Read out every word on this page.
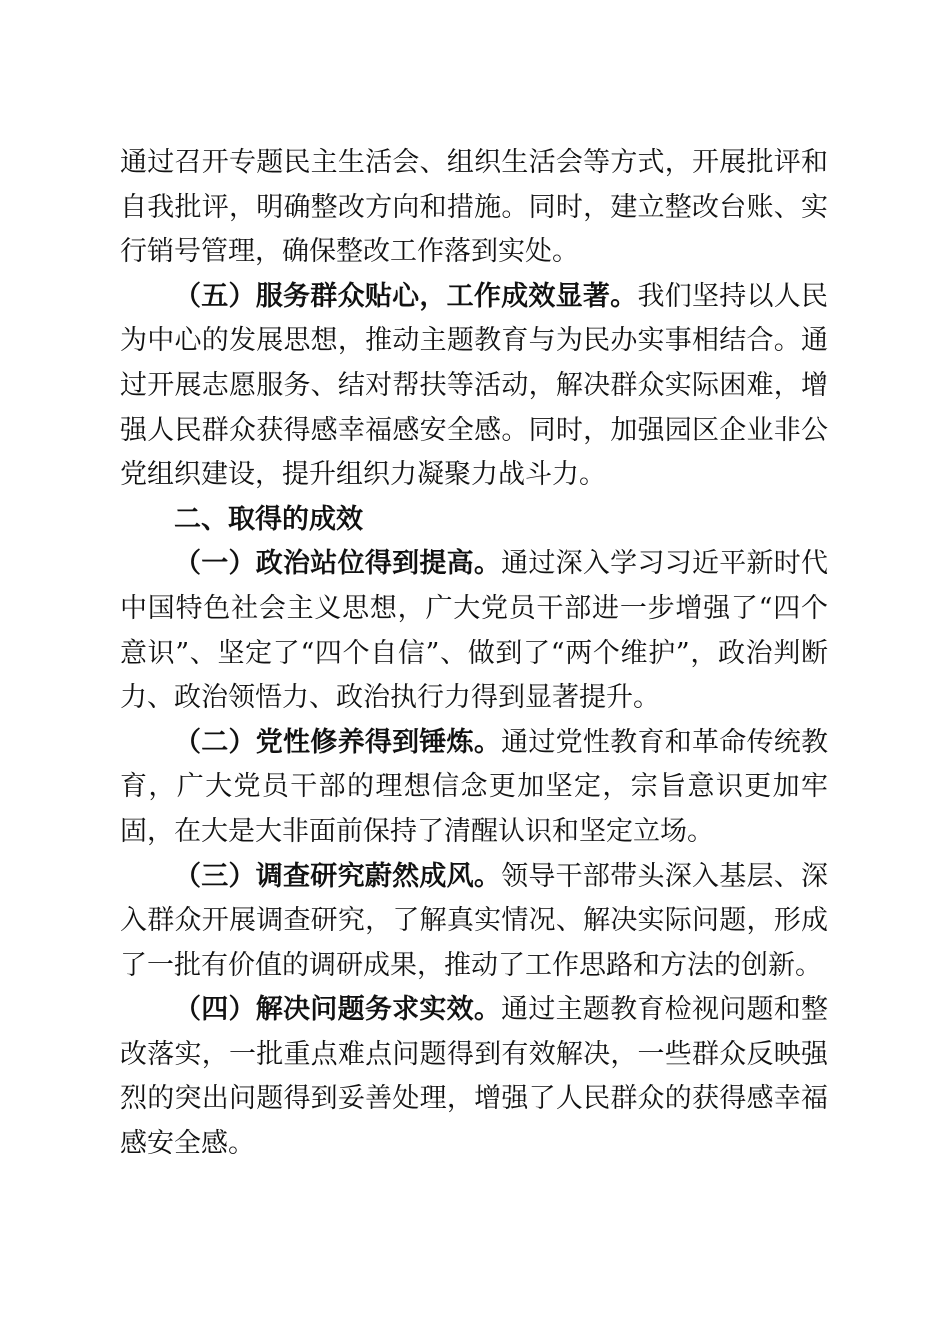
通过召开专题民主生活会、组织生活会等方式，开展批评和自我批评，明确整改方向和措施。同时，建立整改台账、实行销号管理，确保整改工作落到实处。

（五）服务群众贴心，工作成效显著。我们坚持以人民为中心的发展思想，推动主题教育与为民办实事相结合。通过开展志愿服务、结对帮扶等活动，解决群众实际困难，增强人民群众获得感幸福感安全感。同时，加强园区企业非公党组织建设，提升组织力凝聚力战斗力。

二、取得的成效

（一）政治站位得到提高。通过深入学习习近平新时代中国特色社会主义思想，广大党员干部进一步增强了“四个意识”、坚定了“四个自信”、做到了“两个维护”，政治判断力、政治领悟力、政治执行力得到显著提升。

（二）党性修养得到锤炼。通过党性教育和革命传统教育，广大党员干部的理想信念更加坚定，宗旨意识更加牢固，在大是大非面前保持了清醒认识和坚定立场。

（三）调查研究蔚然成风。领导干部带头深入基层、深入群众开展调查研究，了解真实情况、解决实际问题，形成了一批有价值的调研成果，推动了工作思路和方法的创新。

（四）解决问题务求实效。通过主题教育检视问题和整改落实，一批重点难点问题得到有效解决，一些群众反映强烈的突出问题得到妥善处理，增强了人民群众的获得感幸福感安全感。
